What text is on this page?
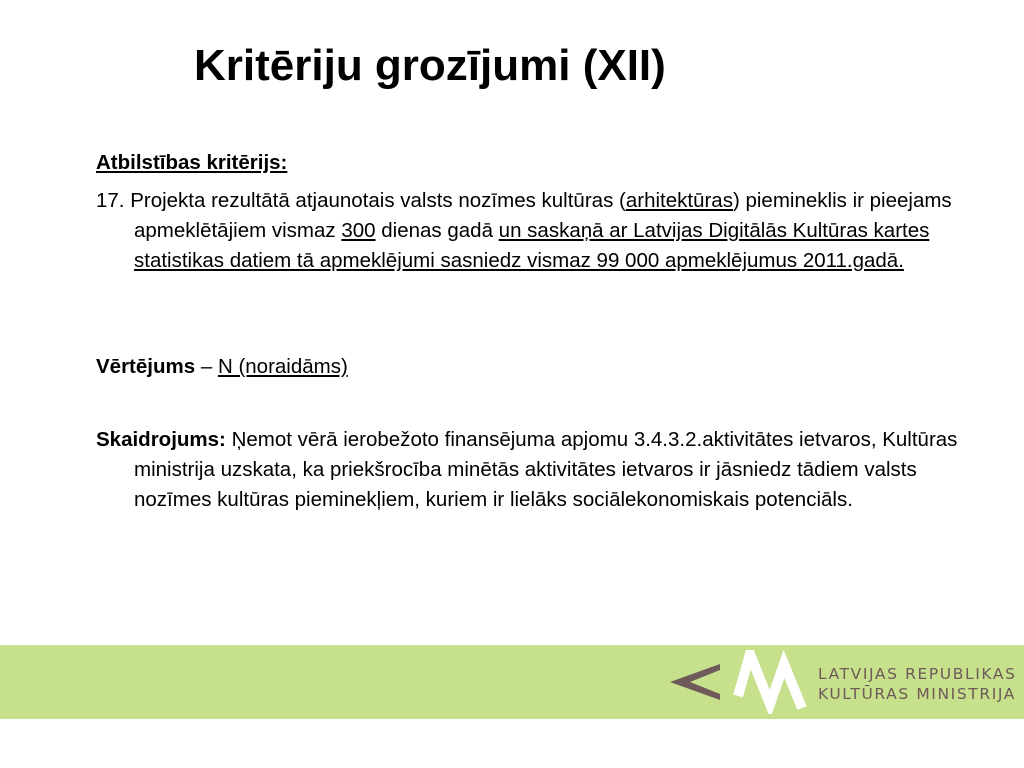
Kritēriju grozījumi (XII)
Atbilstības kritērijs:
17. Projekta rezultātā atjaunotais valsts nozīmes kultūras (arhitektūras) piemineklis ir pieejams apmeklētājiem vismaz 300 dienas gadā un saskaņā ar Latvijas Digitālās Kultūras kartes statistikas datiem tā apmeklējumi sasniedz vismaz 99 000 apmeklējumus 2011.gadā.
Vērtējums – N (noraidāms)
Skaidrojums: Ņemot vērā ierobežoto finansējuma apjomu 3.4.3.2.aktivitātes ietvaros, Kultūras ministrija uzskata, ka priekšrocība minētās aktivitātes ietvaros ir jāsniedz tādiem valsts nozīmes kultūras pieminekļiem, kuriem ir lielāks sociālekonomiskais potenciāls.
LATVIJAS REPUBLIKAS
KULTŪRAS MINISTRIJA
